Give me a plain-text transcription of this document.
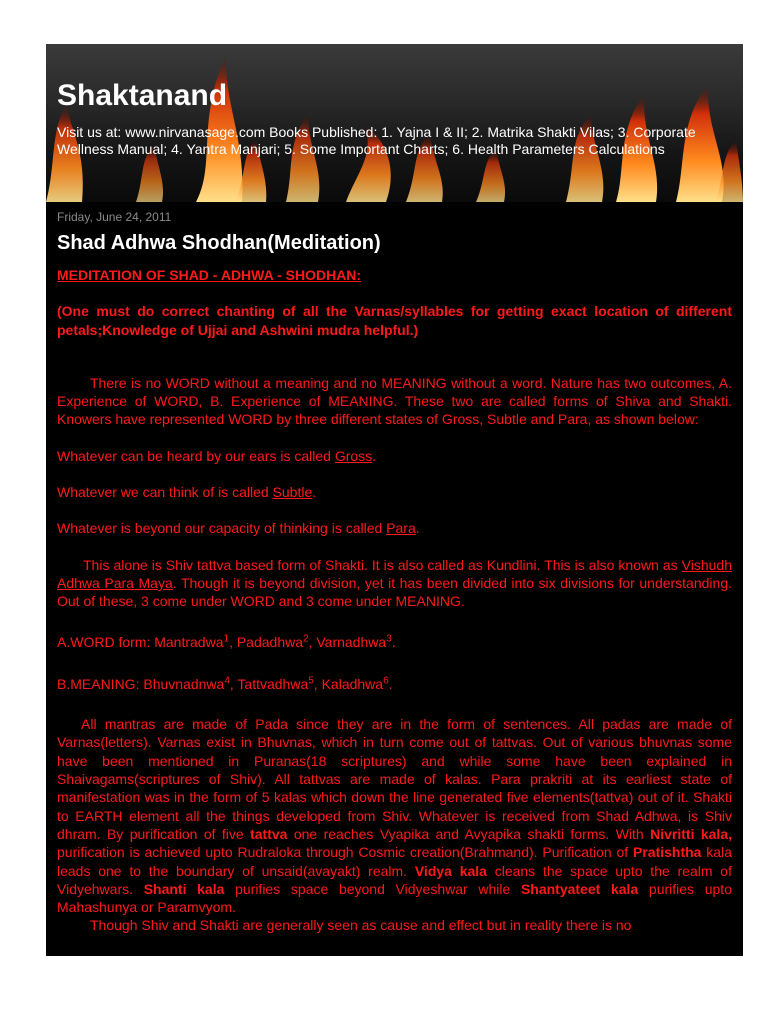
Shaktanand
Visit us at: www.nirvanasage.com Books Published: 1. Yajna I & II; 2. Matrika Shakti Vilas; 3. Corporate Wellness Manual; 4. Yantra Manjari; 5. Some Important Charts; 6. Health Parameters Calculations
Friday, June 24, 2011
Shad Adhwa Shodhan(Meditation)

MEDITATION OF SHAD - ADHWA - SHODHAN:

(One must do correct chanting of all the Varnas/syllables for getting exact location of different petals;Knowledge of Ujjai and Ashwini mudra helpful.)

There is no WORD without a meaning and no MEANING without a word. Nature has two outcomes, A. Experience of WORD, B. Experience of MEANING. These two are called forms of Shiva and Shakti. Knowers have represented WORD by three different states of Gross, Subtle and Para, as shown below:

Whatever can be heard by our ears is called Gross.

Whatever we can think of is called Subtle.

Whatever is beyond our capacity of thinking is called Para.

This alone is Shiv tattva based form of Shakti. It is also called as Kundlini. This is also known as Vishudh Adhwa Para Maya. Though it is beyond division, yet it has been divided into six divisions for understanding. Out of these, 3 come under WORD and 3 come under MEANING.

A.WORD form: Mantradwa$^1$, Padadhwa$^2$, Varnadhwa$^3$.

B.MEANING: Bhuvnadnwa$^4$, Tattvadhwa$^5$, Kaladhwa$^6$.

All mantras are made of Pada since they are in the form of sentences. All padas are made of Varnas(letters). Varnas exist in Bhuvnas, which in turn come out of tattvas. Out of various bhuvnas some have been mentioned in Puranas(18 scriptures) and while some have been explained in Shaivagams(scriptures of Shiv). All tattvas are made of kalas. Para prakriti at its earliest state of manifestation was in the form of 5 kalas which down the line generated five elements(tattva) out of it. Shakti to EARTH element all the things developed from Shiv. Whatever is received from Shad Adhwa, is Shiv dhram. By purification of five tattva one reaches Vyapika and Avyapika shakti forms. With Nivritti kala, purification is achieved upto Rudraloka through Cosmic creation(Brahmand). Purification of Pratishtha kala leads one to the boundary of unsaid(avayakt) realm. Vidya kala cleans the space upto the realm of Vidyehwars. Shanti kala purifies space beyond Vidyeshwar while Shantyateet kala purifies upto Mahashunya or Paramvyom.

Though Shiv and Shakti are generally seen as cause and effect but in reality there is no
